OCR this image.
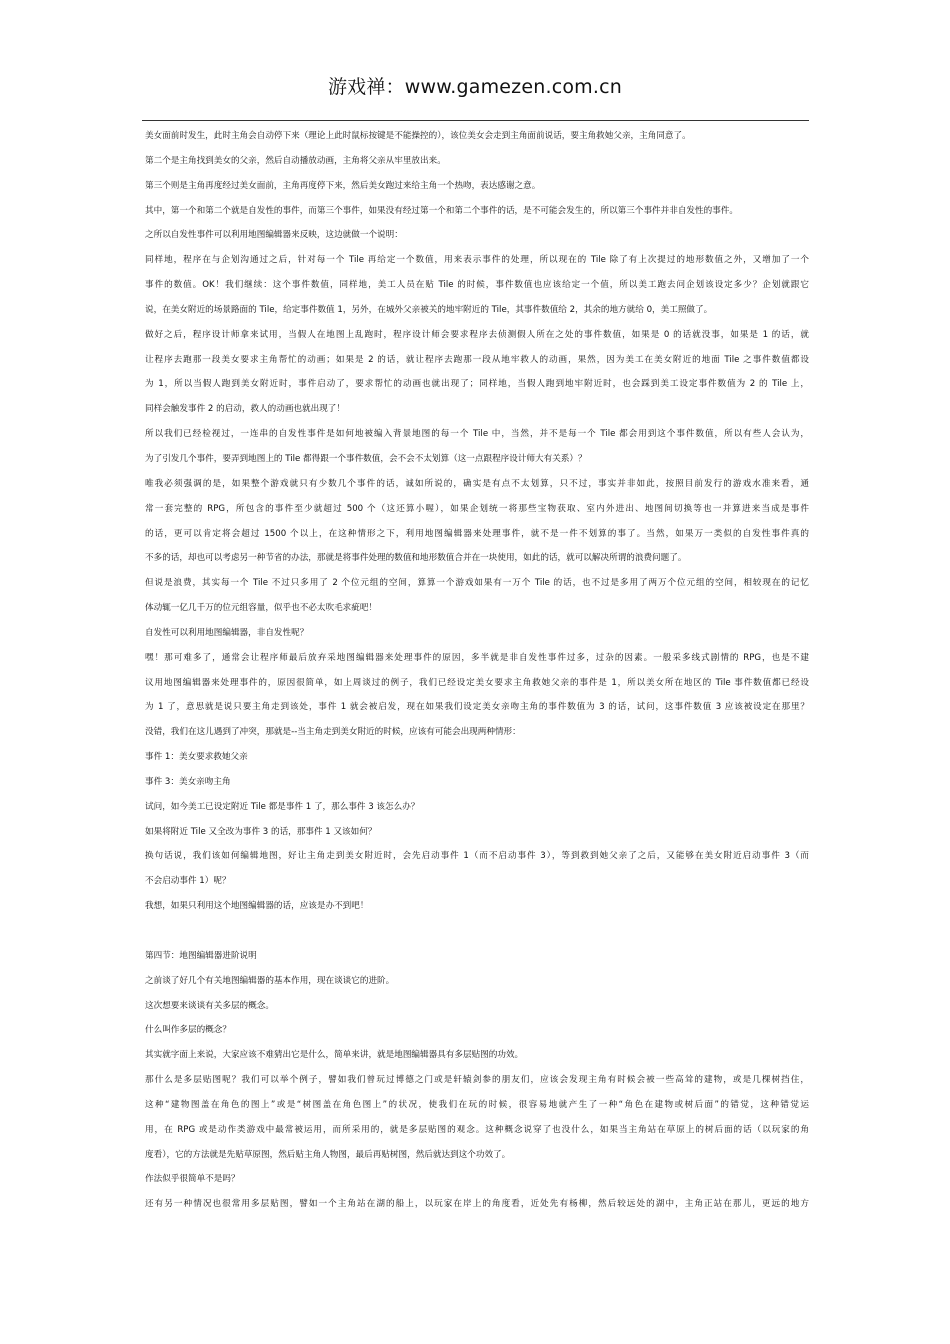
游戏禅：www.gamezen.com.cn
美女面前时发生，此时主角会自动停下来（理论上此时鼠标按键是不能操控的），该位美女会走到主角面前说话，要主角救她父亲，主角同意了。
第二个是主角找到美女的父亲，然后自动播放动画，主角将父亲从牢里放出来。
第三个则是主角再度经过美女面前，主角再度停下来，然后美女跑过来给主角一个热吻，表达感谢之意。
其中，第一个和第二个就是自发性的事件，而第三个事件，如果没有经过第一个和第二个事件的话，是不可能会发生的，所以第三个事件并非自发性的事件。
之所以自发性事件可以利用地图编辑器来反映，这边就做一个说明：
同样地，程序在与企划沟通过之后，针对每一个 Tile 再给定一个数值，用来表示事件的处理，所以现在的 Tile 除了有上次提过的地形数值之外，又增加了一个
事件的数值。OK！我们继续：这个事件数值，同样地，美工人员在贴 Tile 的时候，事件数值也应该给定一个值，所以美工跑去问企划该设定多少？企划就跟它
说，在美女附近的场景路面的 Tile，给定事件数值 1，另外，在城外父亲被关的地牢附近的 Tile，其事件数值给 2，其余的地方就给 0，美工照做了。
做好之后，程序设计师拿来试用，当假人在地图上乱跑时，程序设计师会要求程序去侦测假人所在之处的事件数值，如果是 0 的话就没事，如果是 1 的话，就
让程序去跑那一段美女要求主角帮忙的动画；如果是 2 的话，就让程序去跑那一段从地牢救人的动画，果然，因为美工在美女附近的地面 Tile 之事件数值都设
为 1，所以当假人跑到美女附近时，事件启动了，要求帮忙的动画也就出现了；同样地，当假人跑到地牢附近时，也会踩到美工设定事件数值为 2 的 Tile 上，
同样会触发事件 2 的启动，救人的动画也就出现了！
所以我们已经检视过，一连串的自发性事件是如何地被编入背景地图的每一个 Tile 中，当然，并不是每一个 Tile 都会用到这个事件数值，所以有些人会认为，
为了引发几个事件，要弄到地图上的 Tile 都得跟一个事件数值，会不会不太划算（这一点跟程序设计师大有关系）？
唯我必须强调的是，如果整个游戏就只有少数几个事件的话，诚如所说的，确实是有点不太划算，只不过，事实并非如此，按照目前发行的游戏水准来看，通
常一套完整的 RPG，所包含的事件至少就超过 500 个（这还算小喔），如果企划统一将那些宝物获取、室内外进出、地图间切换等也一并算进来当成是事件
的话，更可以肯定将会超过 1500 个以上，在这种情形之下，利用地图编辑器来处理事件，就不是一件不划算的事了。当然，如果万一类似的自发性事件真的
不多的话，却也可以考虑另一种节省的办法，那就是将事件处理的数值和地形数值合并在一块使用，如此的话，就可以解决所谓的浪费问题了。
但说是浪费，其实每一个 Tile 不过只多用了 2 个位元组的空间，算算一个游戏如果有一万个 Tile 的话，也不过是多用了两万个位元组的空间，相较现在的记忆
体动辄一亿几千万的位元组容量，似乎也不必太吹毛求疵吧！
自发性可以利用地图编辑器，非自发性呢？
嘿！那可难多了，通常会让程序师最后放弃采地图编辑器来处理事件的原因，多半就是非自发性事件过多，过杂的因素。一般采多线式剧情的 RPG，也是不建
议用地图编辑器来处理事件的，原因很简单，如上周谈过的例子，我们已经设定美女要求主角救她父亲的事件是 1，所以美女所在地区的 Tile 事件数值都已经设
为 1 了，意思就是说只要主角走到该处，事件 1 就会被启发，现在如果我们设定美女亲吻主角的事件数值为 3 的话，试问，这事件数值 3 应该被设定在那里？
没错，我们在这儿遇到了冲突，那就是--当主角走到美女附近的时候，应该有可能会出现两种情形：
事件 1：美女要求救她父亲
事件 3：美女亲吻主角
试问，如今美工已设定附近 Tile 都是事件 1 了，那么事件 3 该怎么办？
如果将附近 Tile 又全改为事件 3 的话，那事件 1 又该如何？
换句话说，我们该如何编辑地图，好让主角走到美女附近时，会先启动事件 1（而不启动事件 3），等到救到她父亲了之后，又能够在美女附近启动事件 3（而
不会启动事件 1）呢？
我想，如果只利用这个地图编辑器的话，应该是办不到吧！
第四节：地图编辑器进阶说明
之前谈了好几个有关地图编辑器的基本作用，现在谈谈它的进阶。
这次想要来谈谈有关多层的概念。
什么叫作多层的概念？
其实就字面上来说，大家应该不难猜出它是什么，简单来讲，就是地图编辑器具有多层贴图的功效。
那什么是多层贴图呢？我们可以举个例子，譬如我们曾玩过博德之门或是轩辕剑参的朋友们，应该会发现主角有时候会被一些高耸的建物，或是几棵树挡住，
这种“建物图盖在角色的图上”或是“树图盖在角色图上”的状况，使我们在玩的时候，很容易地就产生了一种“角色在建物或树后面”的错觉，这种错觉运
用，在 RPG 或是动作类游戏中最常被运用，而所采用的，就是多层贴图的观念。这种概念说穿了也没什么，如果当主角站在草原上的树后面的话（以玩家的角
度看），它的方法就是先贴草原图，然后贴主角人物图，最后再贴树图，然后就达到这个功效了。
作法似乎很简单不是吗？
还有另一种情况也很常用多层贴图，譬如一个主角站在湖的船上，以玩家在岸上的角度看，近处先有杨柳，然后较远处的湖中，主角正站在那儿，更远的地方
